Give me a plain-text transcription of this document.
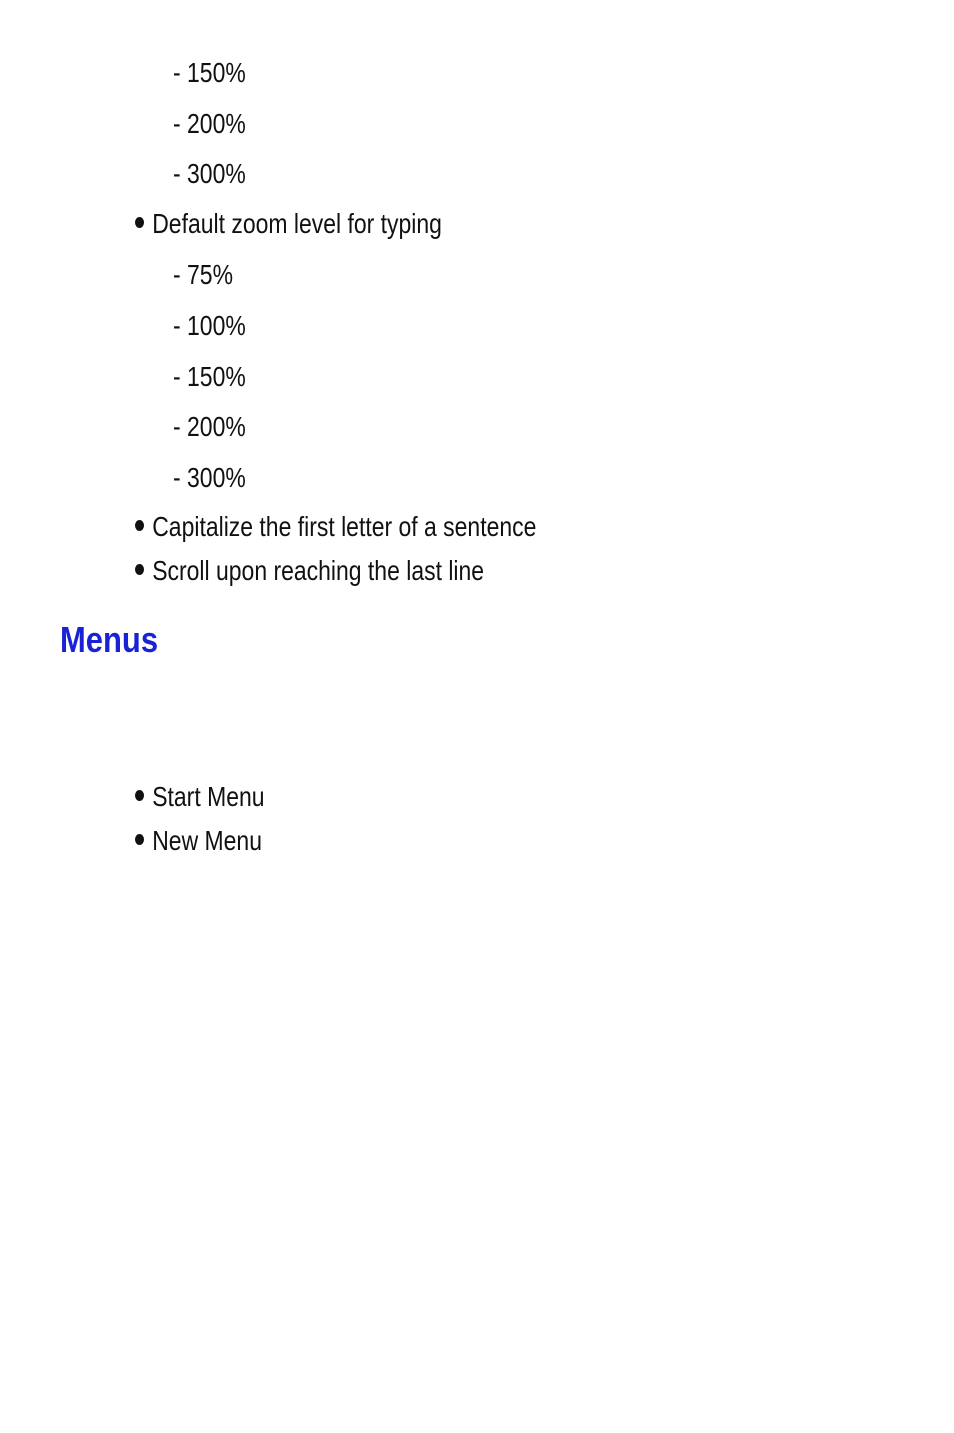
- 150%
- 200%
- 300%
Default zoom level for typing
- 75%
- 100%
- 150%
- 200%
- 300%
Capitalize the first letter of a sentence
Scroll upon reaching the last line
Menus
Start Menu
New Menu
